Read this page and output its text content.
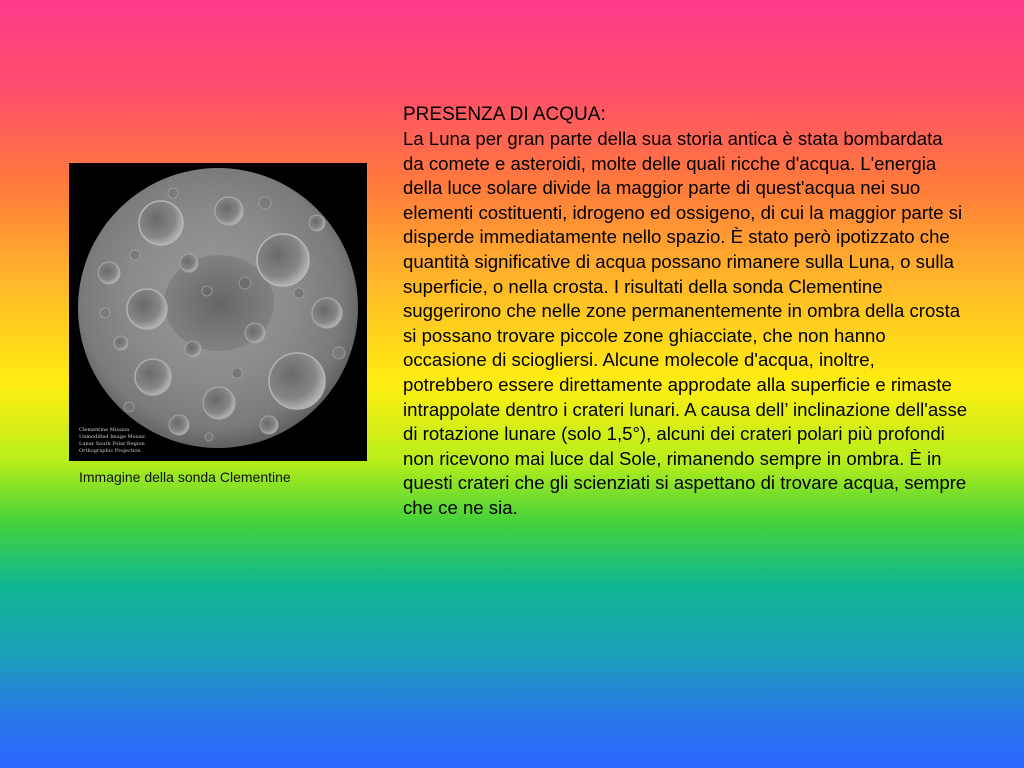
Clementine Mission
Unmodified Image Mosaic
Lunar South Polar Region
Orthographic Projection
Immagine della sonda Clementine

PRESENZA DI ACQUA:

La Luna per gran parte della sua storia antica è stata bombardata da comete e asteroidi, molte delle quali ricche d'acqua. L'energia della luce solare divide la maggior parte di quest'acqua nei suo elementi costituenti, idrogeno ed ossigeno, di cui la maggior parte si disperde immediatamente nello spazio. È stato però ipotizzato che quantità significative di acqua possano rimanere sulla Luna, o sulla superficie, o nella crosta. I risultati della sonda Clementine suggerirono che nelle zone permanentemente in ombra della crosta si possano trovare piccole zone ghiacciate, che non hanno occasione di sciogliersi. Alcune molecole d'acqua, inoltre, potrebbero essere direttamente approdate alla superficie e rimaste intrappolate dentro i crateri lunari. A causa dell’ inclinazione dell'asse di rotazione lunare (solo 1,5°), alcuni dei crateri polari più profondi non ricevono mai luce dal Sole, rimanendo sempre in ombra. È in questi crateri che gli scienziati si aspettano di trovare acqua, sempre che ce ne sia.
